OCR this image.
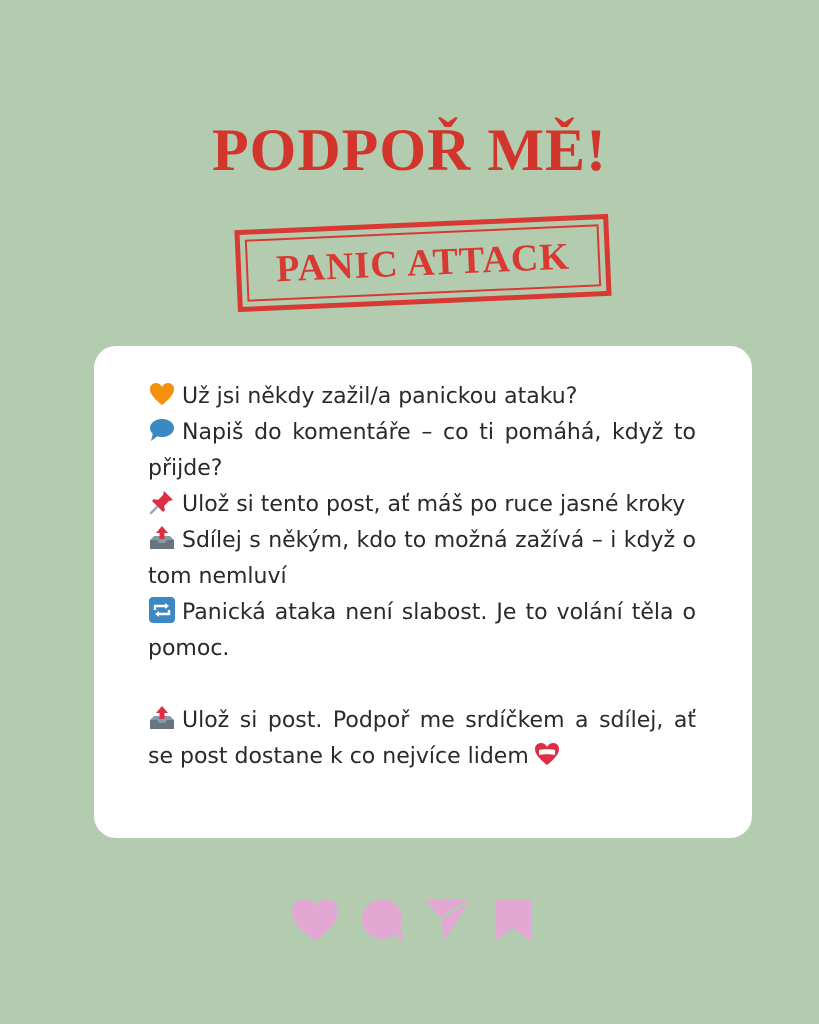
PODPOŘ MĚ!
PANIC ATTACK

Už jsi někdy zažil/a panickou ataku?

Napiš do komentáře – co ti pomáhá, když to přijde?

Ulož si tento post, ať máš po ruce jasné kroky

Sdílej s někým, kdo to možná zažívá – i když o tom nemluví

Panická ataka není slabost. Je to volání těla o pomoc.

Ulož si post. Podpoř me srdíčkem a sdílej, ať se post dostane k co nejvíce lidem
